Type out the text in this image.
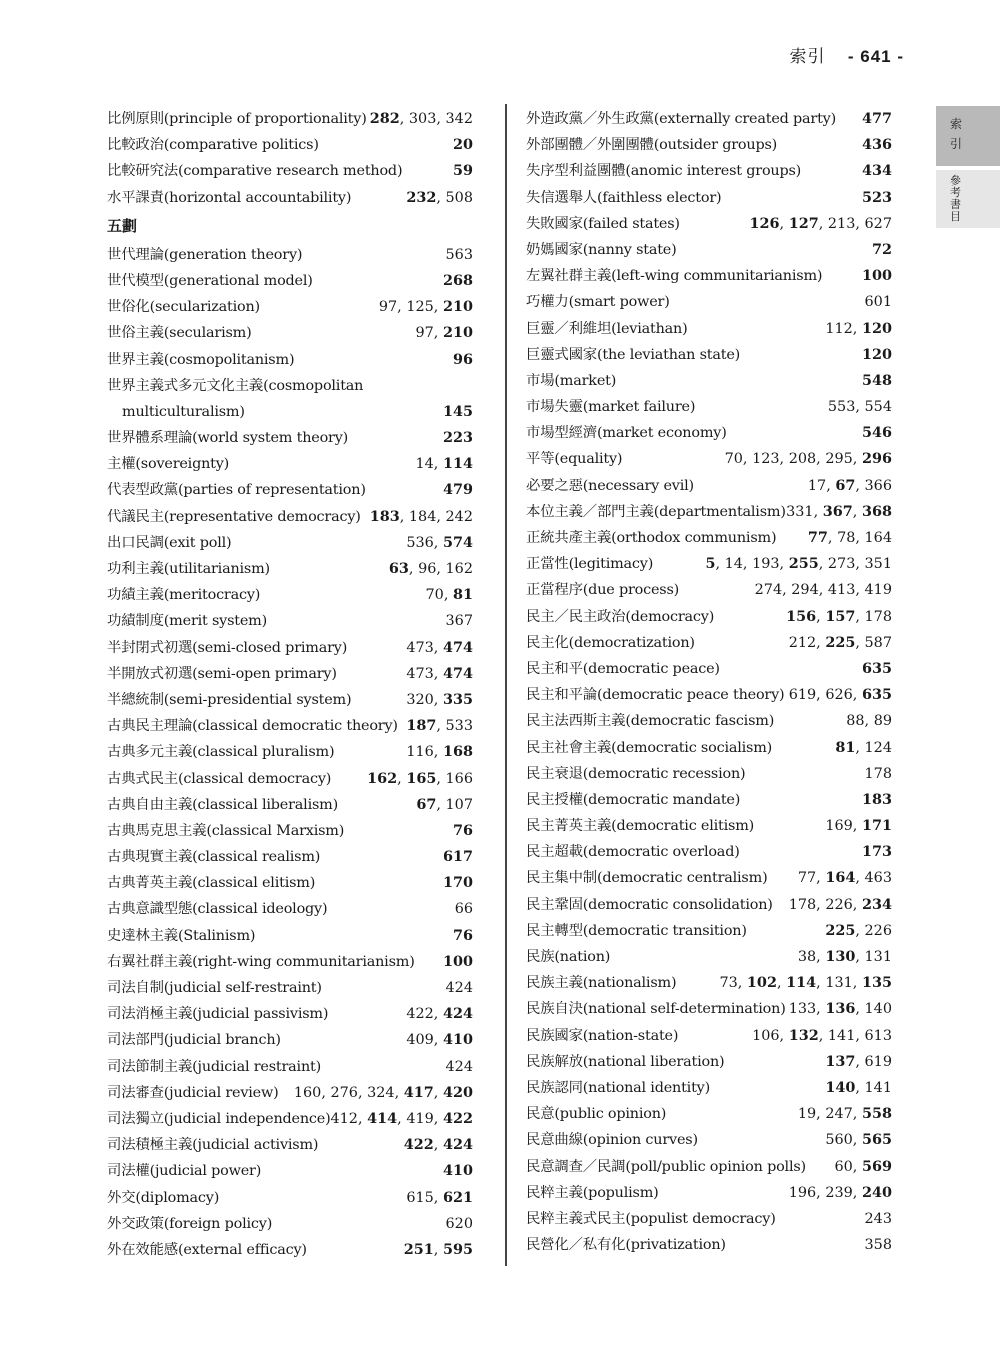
索引 - 641 -
索引
參考書目
比例原則(principle of proportionality) 282, 303, 342
比較政治(comparative politics)	20
比較研究法(comparative research method)	59
水平課責(horizontal accountability)	232, 508
五劃
世代理論(generation theory)	563
世代模型(generational model)	268
世俗化(secularization)	97, 125, 210
世俗主義(secularism)	97, 210
世界主義(cosmopolitanism)	96
世界主義式多元文化主義(cosmopolitan
multiculturalism)	145
世界體系理論(world system theory)	223
主權(sovereignty)	14, 114
代表型政黨(parties of representation)	479
代議民主(representative democracy) 183, 184, 242
出口民調(exit poll)	536, 574
功利主義(utilitarianism)	63, 96, 162
功績主義(meritocracy)	70, 81
功績制度(merit system)	367
半封閉式初選(semi-closed primary)	473, 474
半開放式初選(semi-open primary)	473, 474
半總統制(semi-presidential system)	320, 335
古典民主理論(classical democratic theory) 187, 533
古典多元主義(classical pluralism)	116, 168
古典式民主(classical democracy) 162, 165, 166
古典自由主義(classical liberalism)	67, 107
古典馬克思主義(classical Marxism)	76
古典現實主義(classical realism)	617
古典菁英主義(classical elitism)	170
古典意識型態(classical ideology)	66
史達林主義(Stalinism)	76
右翼社群主義(right-wing communitarianism) 100
司法自制(judicial self-restraint)	424
司法消極主義(judicial passivism)	422, 424
司法部門(judicial branch)	409, 410
司法節制主義(judicial restraint)	424
司法審查(judicial review) 160, 276, 324, 417, 420
司法獨立(judicial independence) 412, 414, 419, 422
司法積極主義(judicial activism)	422, 424
司法權(judicial power)	410
外交(diplomacy)	615, 621
外交政策(foreign policy)	620
外在效能感(external efficacy)	251, 595
外造政黨／外生政黨(externally created party) 477
外部團體／外圍團體(outsider groups)	436
失序型利益團體(anomic interest groups)	434
失信選舉人(faithless elector)	523
失敗國家(failed states)	126, 127, 213, 627
奶媽國家(nanny state)	72
左翼社群主義(left-wing communitarianism)	100
巧權力(smart power)	601
巨靈／利維坦(leviathan)	112, 120
巨靈式國家(the leviathan state)	120
市場(market)	548
市場失靈(market failure)	553, 554
市場型經濟(market economy)	546
平等(equality)	70, 123, 208, 295, 296
必要之惡(necessary evil)	17, 67, 366
本位主義／部門主義(departmentalism) 331, 367, 368
正統共產主義(orthodox communism) 77, 78, 164
正當性(legitimacy)	5, 14, 193, 255, 273, 351
正當程序(due process)	274, 294, 413, 419
民主／民主政治(democracy)	156, 157, 178
民主化(democratization)	212, 225, 587
民主和平(democratic peace)	635
民主和平論(democratic peace theory) 619, 626, 635
民主法西斯主義(democratic fascism)	88, 89
民主社會主義(democratic socialism)	81, 124
民主衰退(democratic recession)	178
民主授權(democratic mandate)	183
民主菁英主義(democratic elitism)	169, 171
民主超載(democratic overload)	173
民主集中制(democratic centralism) 77, 164, 463
民主鞏固(democratic consolidation) 178, 226, 234
民主轉型(democratic transition)	225, 226
民族(nation)	38, 130, 131
民族主義(nationalism)	73, 102, 114, 131, 135
民族自決(national self-determination) 133, 136, 140
民族國家(nation-state)	106, 132, 141, 613
民族解放(national liberation)	137, 619
民族認同(national identity)	140, 141
民意(public opinion)	19, 247, 558
民意曲線(opinion curves)	560, 565
民意調查／民調(poll/public opinion polls) 60, 569
民粹主義(populism)	196, 239, 240
民粹主義式民主(populist democracy)	243
民營化／私有化(privatization)	358
